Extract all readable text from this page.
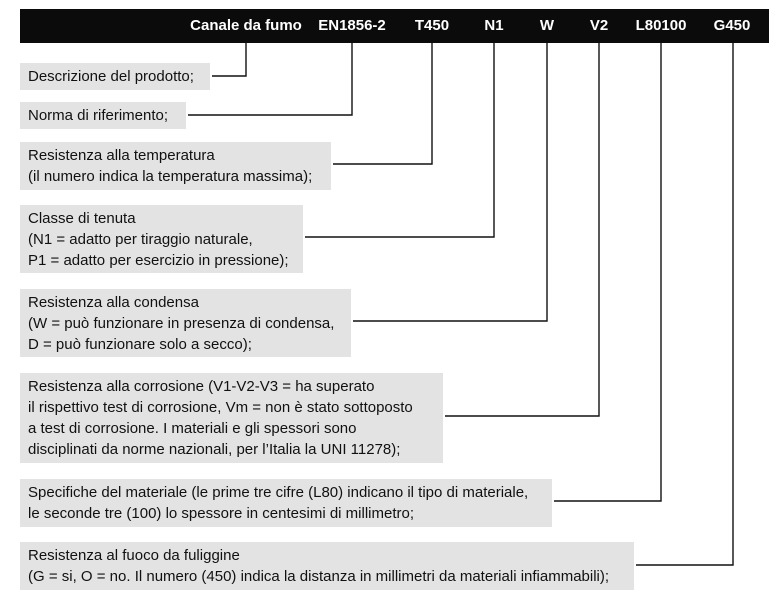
Canale da fumo EN1856-2 T450 N1 W V2 L80100 G450
Descrizione del prodotto;
Norma di riferimento;
Resistenza alla temperatura
(il numero indica la temperatura massima);
Classe di tenuta
(N1 = adatto per tiraggio naturale,
P1 = adatto per esercizio in pressione);
Resistenza alla condensa
(W = può funzionare in presenza di condensa,
D = può funzionare solo a secco);
Resistenza alla corrosione (V1-V2-V3 = ha superato
il rispettivo test di corrosione, Vm = non è stato sottoposto
a test di corrosione. I materiali e gli spessori sono
disciplinati da norme nazionali, per l’Italia la UNI 11278);
Specifiche del materiale (le prime tre cifre (L80) indicano il tipo di materiale,
le seconde tre (100) lo spessore in centesimi di millimetro;
Resistenza al fuoco da fuliggine
(G = si, O = no. Il numero (450) indica la distanza in millimetri da materiali infiammabili);
